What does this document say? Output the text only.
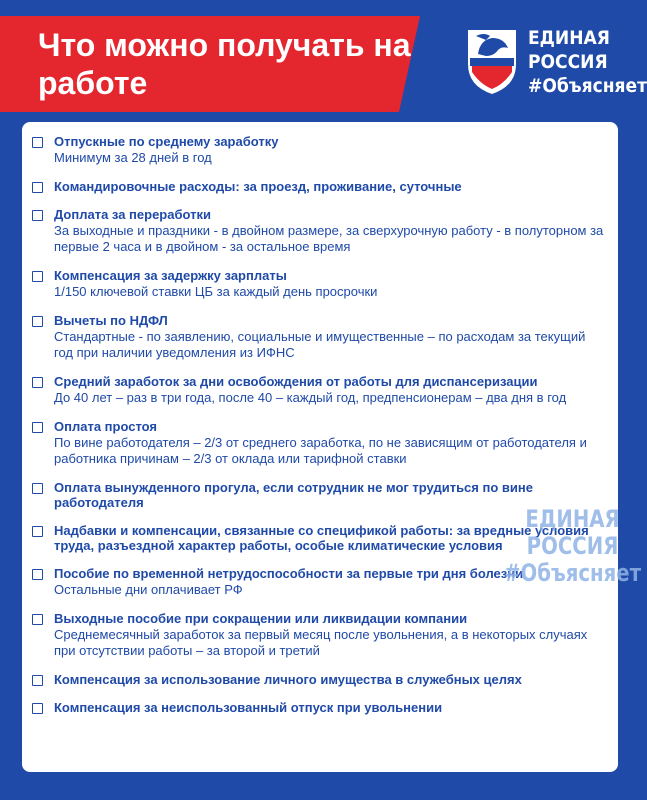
Что можно получать на работе
ЕДИНАЯ
РОССИЯ
#Объясняет

Отпускные по среднему заработку

Минимум за 28 дней в год

Командировочные расходы: за проезд, проживание, суточные

Доплата за переработки

За выходные и праздники - в двойном размере, за сверхурочную работу - в полуторном за первые 2 часа и в двойном - за остальное время

Компенсация за задержку зарплаты

1/150 ключевой ставки ЦБ за каждый день просрочки

Вычеты по НДФЛ

Стандартные - по заявлению, социальные и имущественные – по расходам за текущий год при наличии уведомления из ИФНС

Средний заработок за дни освобождения от работы для диспансеризации

До 40 лет – раз в три года, после 40 – каждый год, предпенсионерам – два дня в год

Оплата простоя

По вине работодателя – 2/3 от среднего заработка, по не зависящим от работодателя и работника причинам – 2/3 от оклада или тарифной ставки

Оплата вынужденного прогула, если сотрудник не мог трудиться по вине работодателя

Надбавки и компенсации, связанные со спецификой работы: за вредные условия труда, разъездной характер работы, особые климатические условия

Пособие по временной нетрудоспособности за первые три дня болезни

Остальные дни оплачивает РФ

Выходные пособие при сокращении или ликвидации компании

Среднемесячный заработок за первый месяц после увольнения, а в некоторых случаях при отсутствии работы – за второй и третий

Компенсация за использование личного имущества в служебных целях

Компенсация за неиспользованный отпуск при увольнении

ЕДИНАЯ
РОССИЯ
#Объясняет
